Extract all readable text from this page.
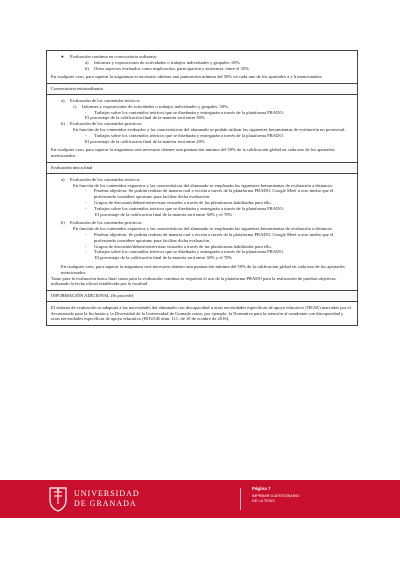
●	Evaluación continua en convocatoria ordinaria:
a)	Informes y exposiciones de actividades o trabajos individuales y grupales: 65%
b)	Otros aspectos evaluados como implicación, participación y asistencia: entre el 35%

En cualquier caso, para superar la asignatura es necesario obtener una puntuación mínima del 50% en cada uno de los apartados a y b mencionados.

Convocatoria extraordinaria
a)	Evaluación de los contenidos teóricos.
c)	Informes y exposiciones de actividades o trabajos individuales y grupales: 50%.
-	Trabajos sobre los contenidos teóricos que se diseñarán y entregarán a través de la plataforma PRADO.

El porcentaje de la calificación final de la materia será entre 30%

b)	Evaluación de los contenidos prácticos.

En función de los contenidos evaluados y las características del alumnado se podrán utilizar las siguientes herramientas de evaluación no presencial:

-	Trabajos sobre los contenidos teóricos que se diseñarán y entregarán a través de la plataforma PRADO.

El porcentaje de la calificación final de la materia será entre 20%

En cualquier caso, para superar la asignatura será necesario obtener una puntuación mínima del 50% de la calificación global en cada uno de los apartados mencionados.

Evaluación única final
a)	Evaluación de los contenidos teóricos.

En función de los contenidos expuestos y las características del alumnado se emplearán las siguientes herramientas de evaluación a distancia:

-	Pruebas objetivas. Se podrán realizar de manera oral o escrita a través de la plataforma PRADO, Google Meet u otro medio que el profesorado considere oportuno para facilitar dicha evaluación.
-	Grupos de discusión/debate/entrevistas virtuales a través de las plataformas habilitadas para ello.
-	Trabajos sobre los contenidos teóricos que se diseñarán y entregarán a través de la plataforma PRADO.

El porcentaje de la calificación final de la materia será entre 30% y el 70%

b)	Evaluación de los contenidos prácticos.

En función de los contenidos expuestos y las características del alumnado se emplearán las siguientes herramientas de evaluación a distancia:

-	Pruebas objetivas. Se podrán realizar de manera oral o escrita a través de la plataforma PRADO, Google Meet u otro medio que el profesorado considere oportuno para facilitar dicha evaluación.
-	Grupos de discusión/debate/entrevistas virtuales a través de las plataformas habilitadas para ello.
-	Trabajos sobre los contenidos teóricos que se diseñarán y entregarán a través de la plataforma PRADO.

El porcentaje de la calificación final de la materia será entre 30% y el 70%

En cualquier caso, para superar la asignatura será necesario obtener una puntuación mínima del 50% de la calificación global en cada uno de los apartados mencionados.

Tanto para la evaluación única final como para la evaluación continua se requerirá el uso de la plataforma PRADO para la realización de pruebas objetivas, utilizando la fecha oficial establecida por la facultad.

INFORMACIÓN ADICIONAL (Si procede)

El sistema de evaluación se adaptará a las necesidades del alumnado con discapacidad u otras necesidades específicas de apoyo educativo (NEAE) marcadas por el Secretariado para la Inclusión y la Diversidad de la Universidad de Granada como, por ejemplo, la Normativa para la atención al estudiante con discapacidad y otras necesidades específicas de apoyo educativo (BOUGR núm. 111, de 10 de octubre de 2016).

UNIVERSIDAD
DE GRANADA
Página 7
IMPRIMIR CUESTIONARIO
DE LA TESIS
